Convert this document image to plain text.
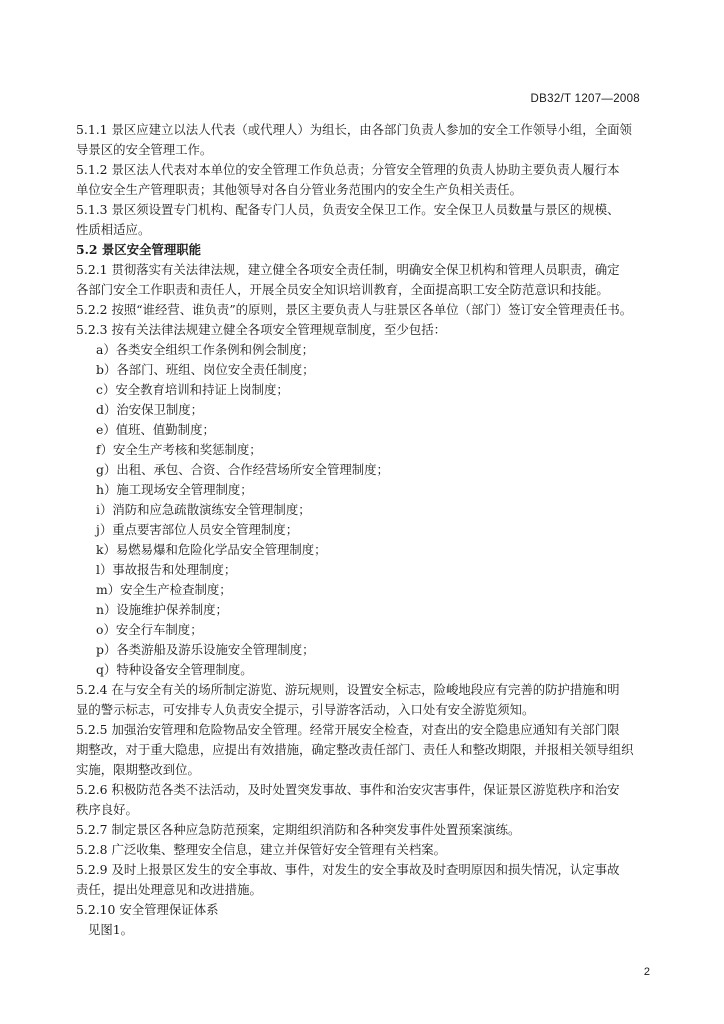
DB32/T 1207—2008

5.1.1 景区应建立以法人代表（或代理人）为组长，由各部门负责人参加的安全工作领导小组，全面领

导景区的安全管理工作。

5.1.2 景区法人代表对本单位的安全管理工作负总责；分管安全管理的负责人协助主要负责人履行本

单位安全生产管理职责；其他领导对各自分管业务范围内的安全生产负相关责任。

5.1.3 景区须设置专门机构、配备专门人员，负责安全保卫工作。安全保卫人员数量与景区的规模、

性质相适应。

5.2 景区安全管理职能

5.2.1 贯彻落实有关法律法规，建立健全各项安全责任制，明确安全保卫机构和管理人员职责，确定

各部门安全工作职责和责任人，开展全员安全知识培训教育，全面提高职工安全防范意识和技能。

5.2.2 按照“谁经营、谁负责”的原则，景区主要负责人与驻景区各单位（部门）签订安全管理责任书。

5.2.3 按有关法律法规建立健全各项安全管理规章制度，至少包括：

a）各类安全组织工作条例和例会制度；
b）各部门、班组、岗位安全责任制度；
c）安全教育培训和持证上岗制度；
d）治安保卫制度；
e）值班、值勤制度；
f）安全生产考核和奖惩制度；
g）出租、承包、合资、合作经营场所安全管理制度；
h）施工现场安全管理制度；
i）消防和应急疏散演练安全管理制度；
j）重点要害部位人员安全管理制度；
k）易燃易爆和危险化学品安全管理制度；
l）事故报告和处理制度；
m）安全生产检查制度；
n）设施维护保养制度；
o）安全行车制度；
p）各类游船及游乐设施安全管理制度；
q）特种设备安全管理制度。

5.2.4 在与安全有关的场所制定游览、游玩规则，设置安全标志，险峻地段应有完善的防护措施和明

显的警示标志，可安排专人负责安全提示，引导游客活动，入口处有安全游览须知。

5.2.5 加强治安管理和危险物品安全管理。经常开展安全检查，对查出的安全隐患应通知有关部门限

期整改，对于重大隐患，应提出有效措施，确定整改责任部门、责任人和整改期限，并报相关领导组织

实施，限期整改到位。

5.2.6 积极防范各类不法活动，及时处置突发事故、事件和治安灾害事件，保证景区游览秩序和治安

秩序良好。

5.2.7 制定景区各种应急防范预案，定期组织消防和各种突发事件处置预案演练。

5.2.8 广泛收集、整理安全信息，建立并保管好安全管理有关档案。

5.2.9 及时上报景区发生的安全事故、事件，对发生的安全事故及时查明原因和损失情况，认定事故

责任，提出处理意见和改进措施。

5.2.10 安全管理保证体系

见图1。

2
